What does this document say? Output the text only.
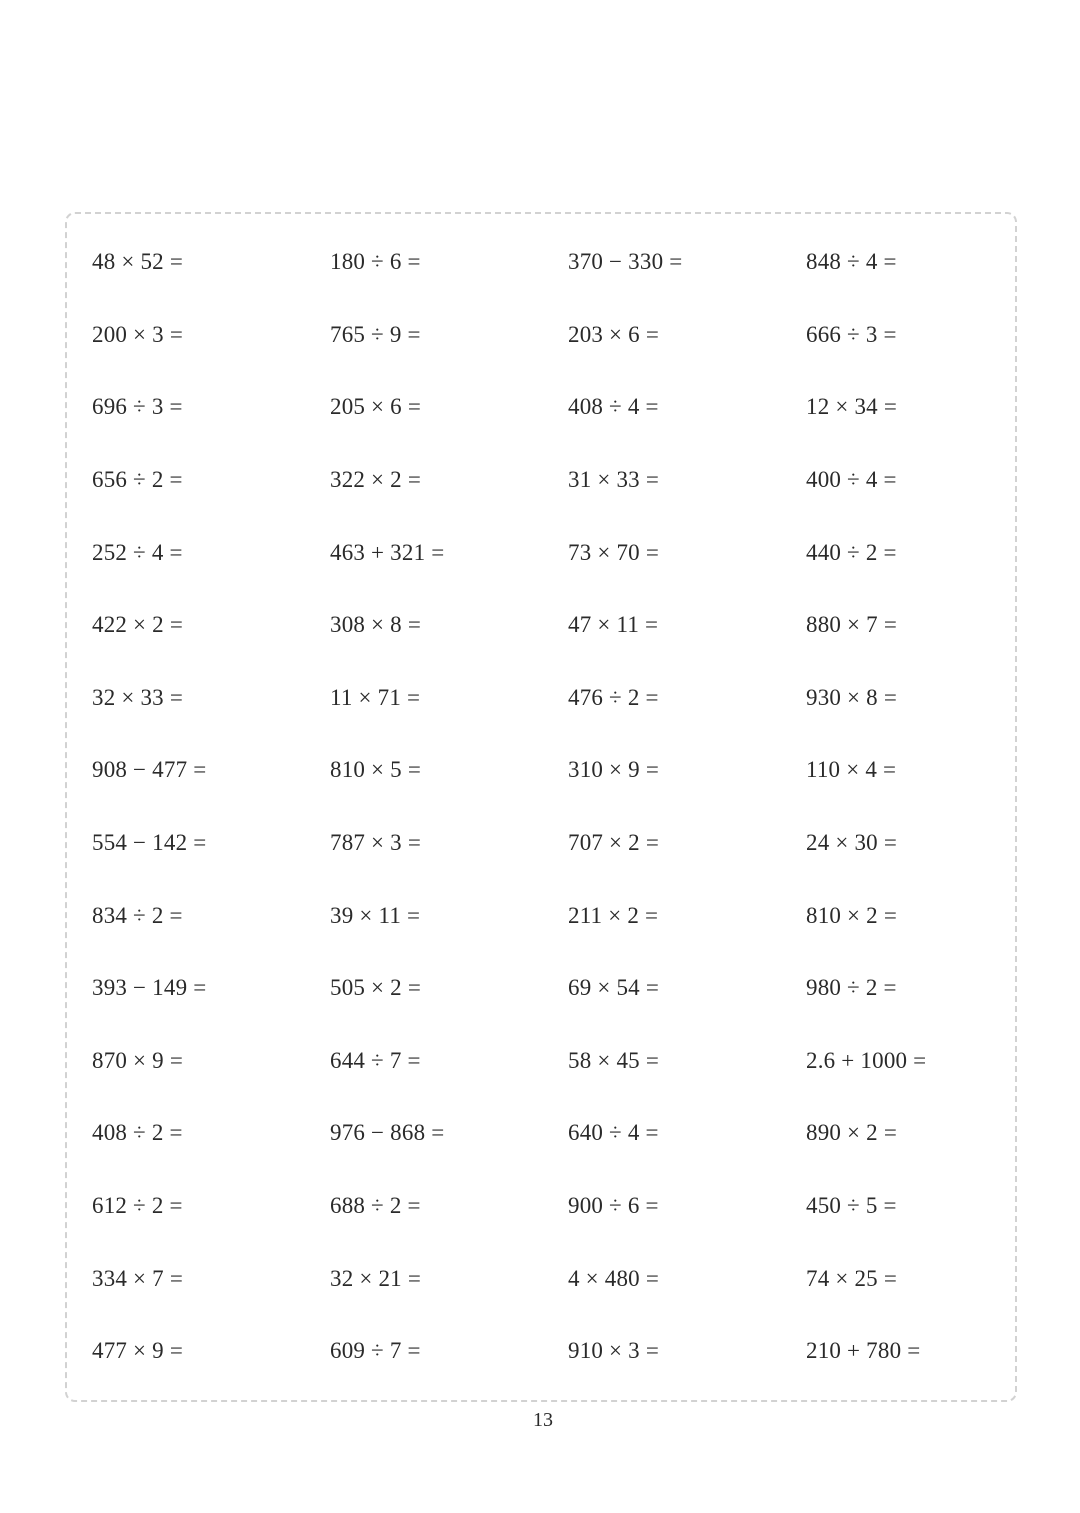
48 × 52 =	180 ÷ 6 =	370 − 330 =	848 ÷ 4 =
200 × 3 =	765 ÷ 9 =	203 × 6 =	666 ÷ 3 =
696 ÷ 3 =	205 × 6 =	408 ÷ 4 =	12 × 34 =
656 ÷ 2 =	322 × 2 =	31 × 33 =	400 ÷ 4 =
252 ÷ 4 =	463 + 321 =	73 × 70 =	440 ÷ 2 =
422 × 2 =	308 × 8 =	47 × 11 =	880 × 7 =
32 × 33 =	11 × 71 =	476 ÷ 2 =	930 × 8 =
908 − 477 =	810 × 5 =	310 × 9 =	110 × 4 =
554 − 142 =	787 × 3 =	707 × 2 =	24 × 30 =
834 ÷ 2 =	39 × 11 =	211 × 2 =	810 × 2 =
393 − 149 =	505 × 2 =	69 × 54 =	980 ÷ 2 =
870 × 9 =	644 ÷ 7 =	58 × 45 =	2.6 + 1000 =
408 ÷ 2 =	976 − 868 =	640 ÷ 4 =	890 × 2 =
612 ÷ 2 =	688 ÷ 2 =	900 ÷ 6 =	450 ÷ 5 =
334 × 7 =	32 × 21 =	4 × 480 =	74 × 25 =
477 × 9 =	609 ÷ 7 =	910 × 3 =	210 + 780 =
13
